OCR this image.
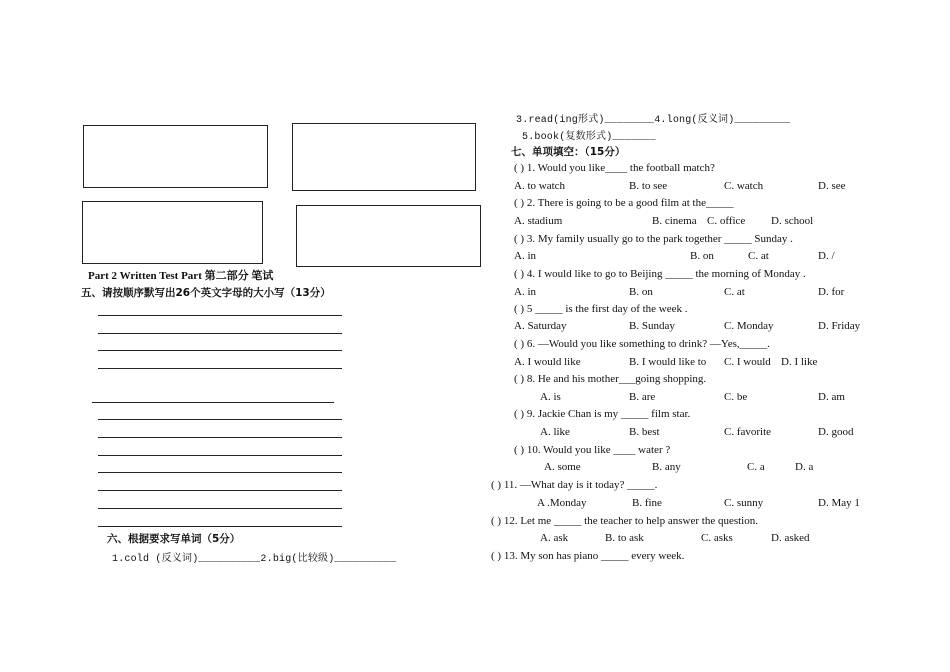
Part 2 Written Test Part 第二部分 笔试
五、请按顺序默写出26个英文字母的大小写（13分）
六、根据要求写单词（5分）
1.cold (反义词)__________2.big(比较级)__________
3.read(ing形式)________4.long(反义词)_________
5.book(复数形式)_______
七、单项填空：（15分）
( ) 1. Would you like____ the football match?
A. to watch	B. to see	C. watch	D. see
( ) 2. There is going to be a good film at the_____
A. stadium	B. cinema C. office D. school
( ) 3. My family usually go to the park together _____ Sunday .
A. in	B. on	C. at	D. /
( ) 4. I would like to go to Beijing _____ the morning of Monday .
A. in	B. on	C. at	D. for
( ) 5 _____ is the first day of the week .
A. Saturday	B. Sunday	C. Monday	D. Friday
( ) 6. —Would you like something to drink? —Yes,_____.
A. I would like	B. I would like to C. I would D. I like
( ) 8. He and his mother___going shopping.
A. is	B. are	C. be	D. am
( ) 9. Jackie Chan is my _____ film star.
A. like	B. best	C. favorite	D. good
( ) 10. Would you like ____ water ?
A. some	B. any	C. a	D. a
( ) 11. —What day is it today? _____.
A .Monday	B. fine	C. sunny	D. May 1
( ) 12. Let me _____ the teacher to help answer the question.
A. ask	B. to ask	C. asks	D. asked
( ) 13. My son has piano _____ every week.
